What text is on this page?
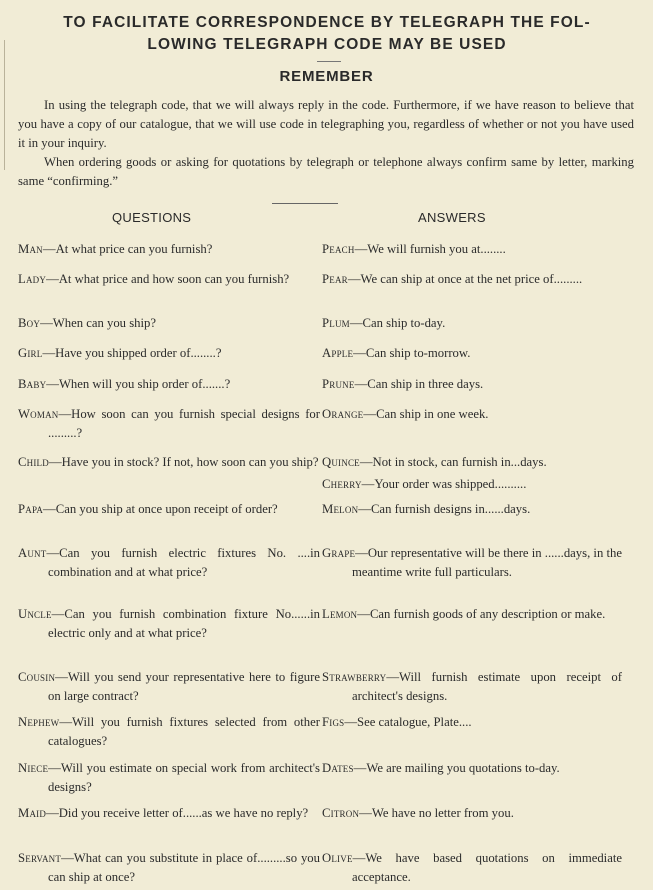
TO FACILITATE CORRESPONDENCE BY TELEGRAPH THE FOL-
LOWING TELEGRAPH CODE MAY BE USED
REMEMBER

In using the telegraph code, that we will always reply in the code. Furthermore, if we have reason to believe that you have a copy of our catalogue, that we will use code in telegraphing you, regardless of whether or not you have used it in your inquiry.

When ordering goods or asking for quotations by telegraph or telephone always confirm same by letter, marking same “confirming.”

QUESTIONS	ANSWERS
Man—At what price can you furnish?
Lady—At what price and how soon can you furnish?
Boy—When can you ship?
Girl—Have you shipped order of........?
Baby—When will you ship order of.......?
Woman—How soon can you furnish special designs for .........?
Child—Have you in stock? If not, how soon can you ship?
Papa—Can you ship at once upon receipt of order?
Aunt—Can you furnish electric fixtures No. ....in combination and at what price?
Uncle—Can you furnish combination fixture No......in electric only and at what price?
Cousin—Will you send your representative here to figure on large contract?
Nephew—Will you furnish fixtures selected from other catalogues?
Niece—Will you estimate on special work from architect's designs?
Maid—Did you receive letter of......as we have no reply?
Servant—What can you substitute in place of.........so you can ship at once?
Peach—We will furnish you at........
Pear—We can ship at once at the net price of.........
Plum—Can ship to-day.
Apple—Can ship to-morrow.
Prune—Can ship in three days.
Orange—Can ship in one week.
Quince—Not in stock, can furnish in...days.
Cherry—Your order was shipped..........
Melon—Can furnish designs in......days.
Grape—Our representative will be there in ......days, in the meantime write full particulars.
Lemon—Can furnish goods of any description or make.
Strawberry—Will furnish estimate upon receipt of architect's designs.
Figs—See catalogue, Plate....
Dates—We are mailing you quotations to-day.
Citron—We have no letter from you.
Olive—We have based quotations on immediate acceptance.
